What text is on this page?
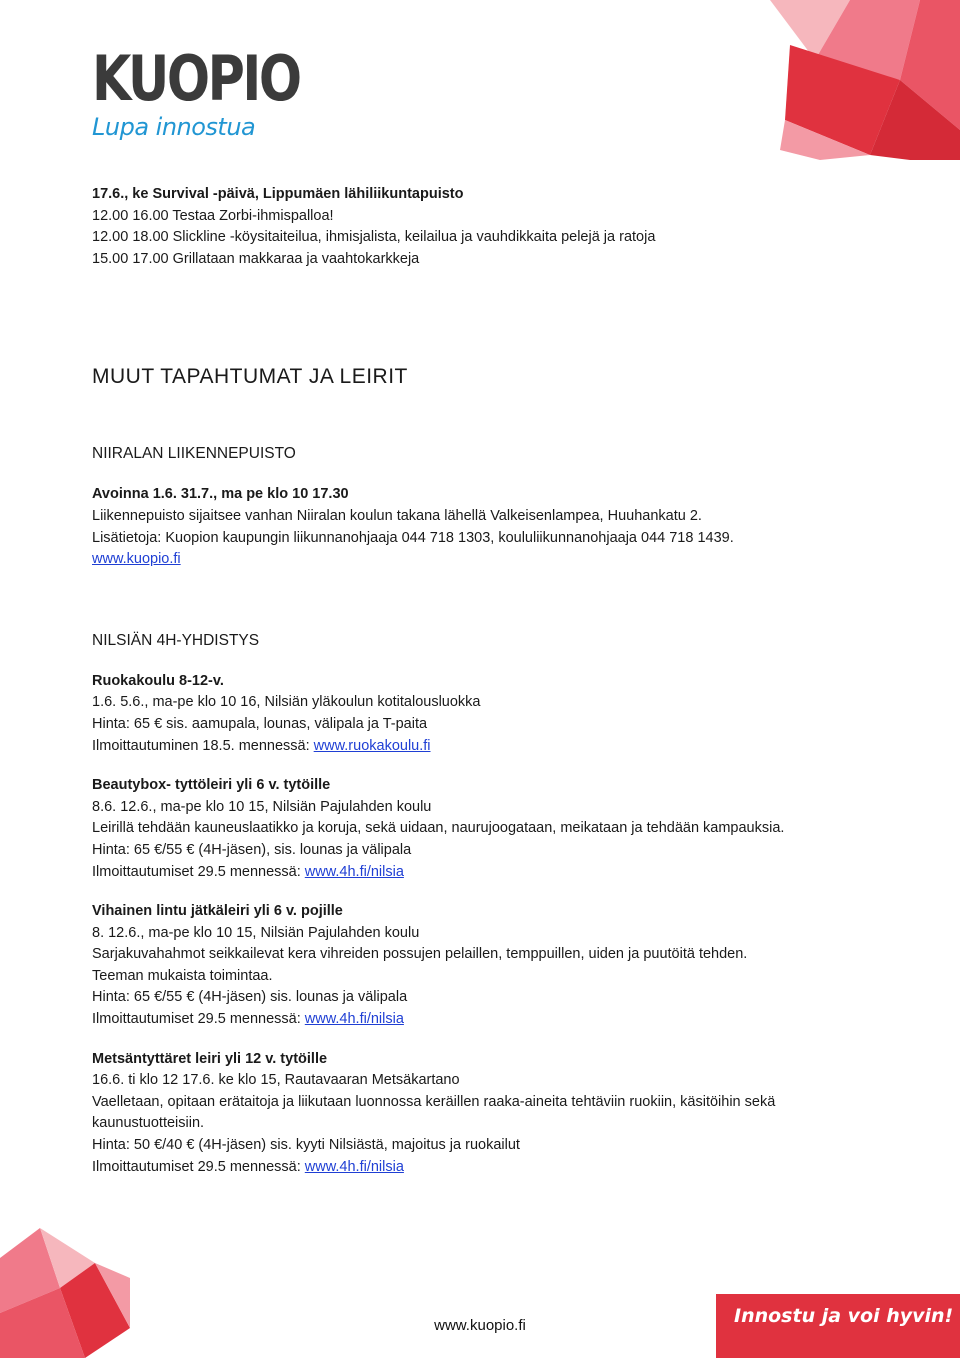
KUOPIO
Lupa innostua
17.6., ke Survival -päivä, Lippumäen lähiliikuntapuisto
12.00 16.00 Testaa Zorbi-ihmispalloa!
12.00 18.00 Slickline -köysitaiteilua, ihmisjalista, keilailua ja vauhdikkaita pelejä ja ratoja
15.00 17.00 Grillataan makkaraa ja vaahtokarkkeja
MUUT TAPAHTUMAT JA LEIRIT
NIIRALAN LIIKENNEPUISTO
Avoinna 1.6. 31.7., ma pe klo 10 17.30
Liikennepuisto sijaitsee vanhan Niiralan koulun takana lähellä Valkeisenlampea, Huuhankatu 2.
Lisätietoja: Kuopion kaupungin liikunnanohjaaja 044 718 1303, koululiikunnanohjaaja 044 718 1439.
www.kuopio.fi
NILSIÄN 4H-YHDISTYS
Ruokakoulu 8-12-v.
1.6. 5.6., ma-pe klo 10 16, Nilsiän yläkoulun kotitalousluokka
Hinta: 65 € sis. aamupala, lounas, välipala ja T-paita
Ilmoittautuminen 18.5. mennessä: www.ruokakoulu.fi
Beautybox- tyttöleiri yli 6 v. tytöille
8.6. 12.6., ma-pe klo 10 15, Nilsiän Pajulahden koulu
Leirillä tehdään kauneuslaatikko ja koruja, sekä uidaan, naurujoogataan, meikataan ja tehdään kampauksia.
Hinta: 65 €/55 € (4H-jäsen), sis. lounas ja välipala
Ilmoittautumiset 29.5 mennessä: www.4h.fi/nilsia
Vihainen lintu jätkäleiri yli 6 v. pojille
8. 12.6., ma-pe klo 10 15, Nilsiän Pajulahden koulu
Sarjakuvahahmot seikkailevat kera vihreiden possujen pelaillen, temppuillen, uiden ja puutöitä tehden.
Teeman mukaista toimintaa.
Hinta: 65 €/55 € (4H-jäsen) sis. lounas ja välipala
Ilmoittautumiset 29.5 mennessä: www.4h.fi/nilsia
Metsäntyttäret leiri yli 12 v. tytöille
16.6. ti klo 12 17.6. ke klo 15, Rautavaaran Metsäkartano
Vaelletaan, opitaan erätaitoja ja liikutaan luonnossa keräillen raaka-aineita tehtäviin ruokiin, käsitöihin sekä
kaunustuotteisiin.
Hinta: 50 €/40 € (4H-jäsen) sis. kyyti Nilsiästä, majoitus ja ruokailut
Ilmoittautumiset 29.5 mennessä: www.4h.fi/nilsia
www.kuopio.fi	Innostu ja voi hyvin!
